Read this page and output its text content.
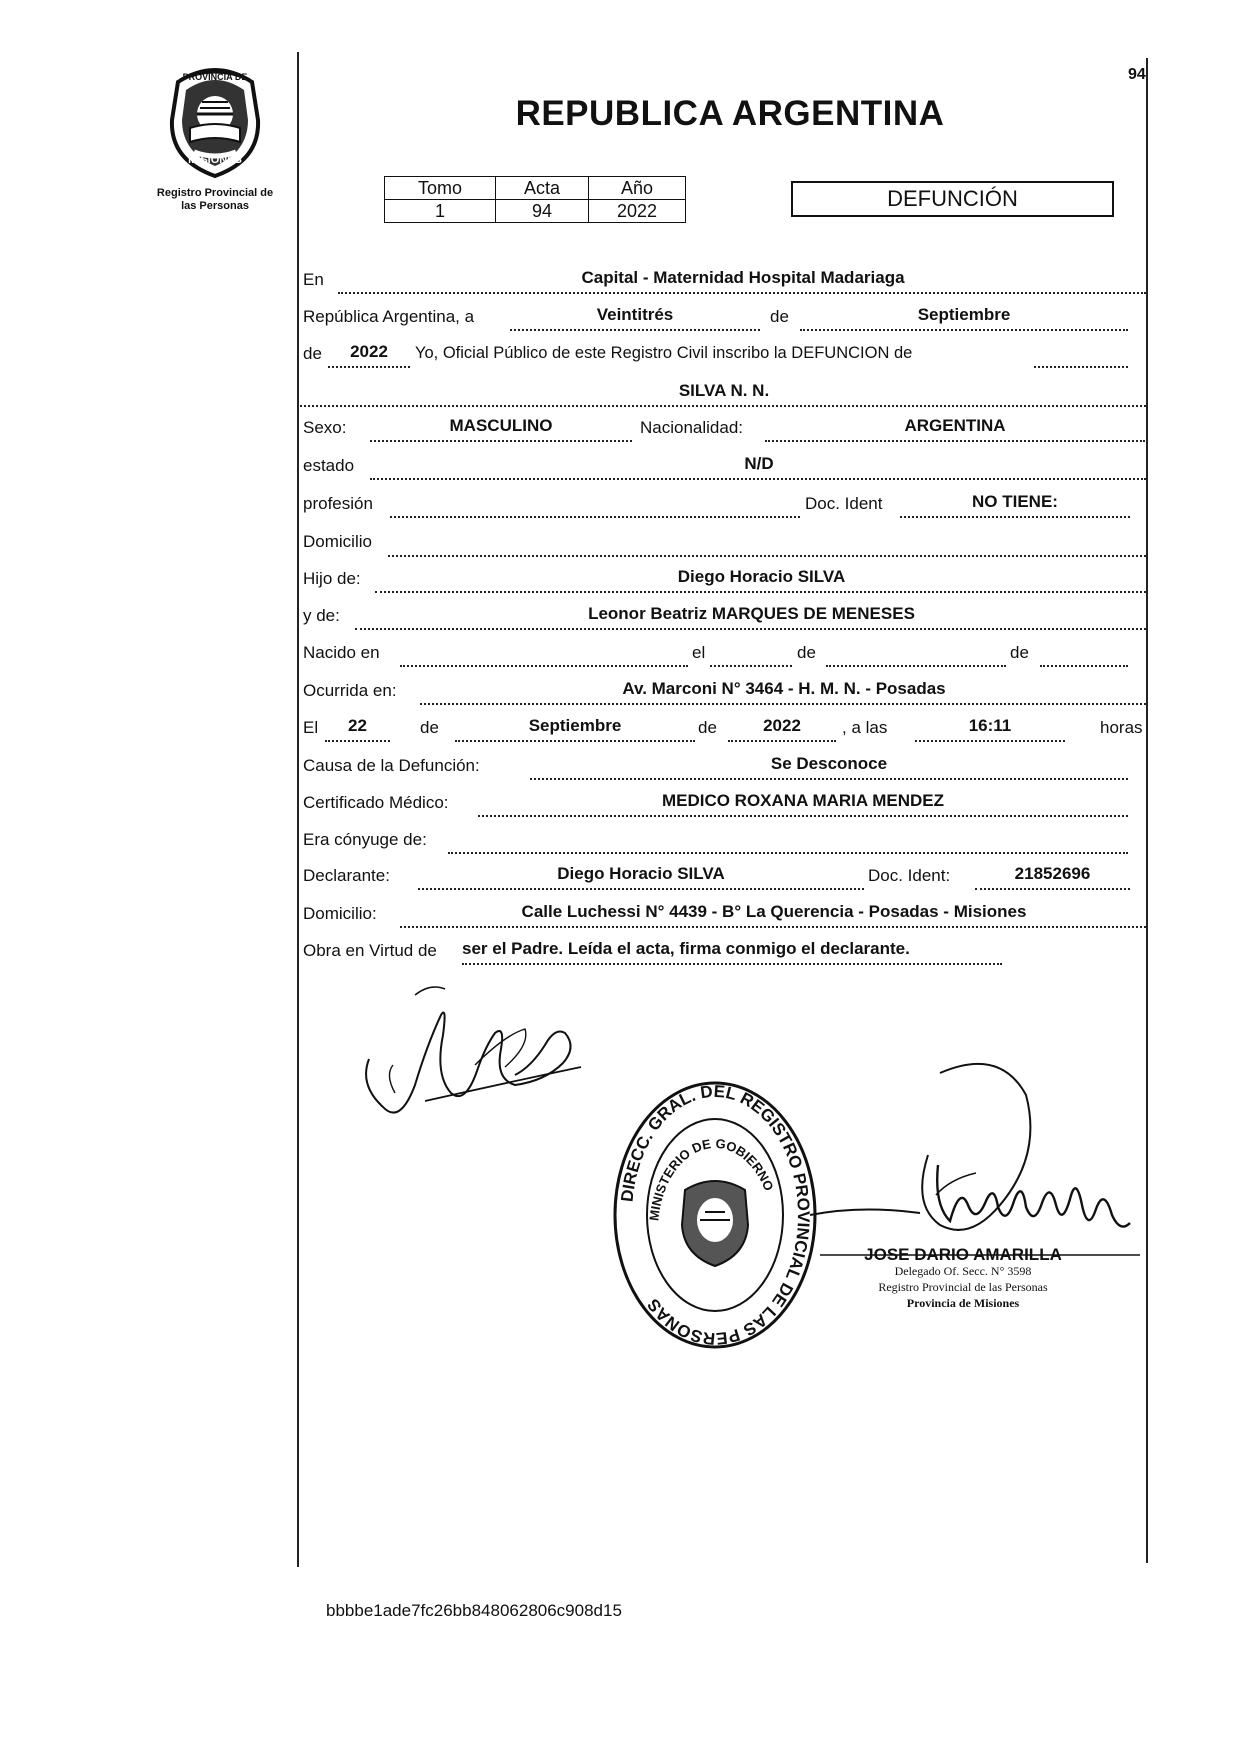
PROVINCIA DE
MISIONES
Registro Provincial de
las Personas
94
REPUBLICA ARGENTINA
Tomo	Acta	Año
1	94	2022	DEFUNCIÓN
En	Capital - Maternidad Hospital Madariaga
República Argentina, a	Veintitrés	de	Septiembre
de	2022	Yo, Oficial Público de este Registro Civil inscribo la DEFUNCION de
SILVA N. N.
Sexo:	MASCULINO	Nacionalidad:	ARGENTINA
estado	N/D
profesión	Doc. Ident	NO TIENE:
Domicilio
Hijo de:	Diego Horacio SILVA
y de:	Leonor Beatriz MARQUES DE MENESES
Nacido en	el	de	de
Ocurrida en:	Av. Marconi N° 3464 - H. M. N. - Posadas
El	22	de	Septiembre	de	2022	, a las	16:11	horas
Causa de la Defunción:	Se Desconoce
Certificado Médico:	MEDICO ROXANA MARIA MENDEZ
Era cónyuge de:
Declarante:	Diego Horacio SILVA	Doc. Ident:	21852696
Domicilio:	Calle Luchessi N° 4439 - B° La Querencia - Posadas - Misiones
Obra en Virtud de ser el Padre. Leída el acta, firma conmigo el declarante.
DIRECC. GRAL. DEL REGISTRO PROVINCIAL DE LAS PERSONAS
MINISTERIO DE GOBIERNO
JOSE DARIO AMARILLA
Delegado Of. Secc. N° 3598
Registro Provincial de las Personas
Provincia de Misiones
bbbbe1ade7fc26bb848062806c908d15
